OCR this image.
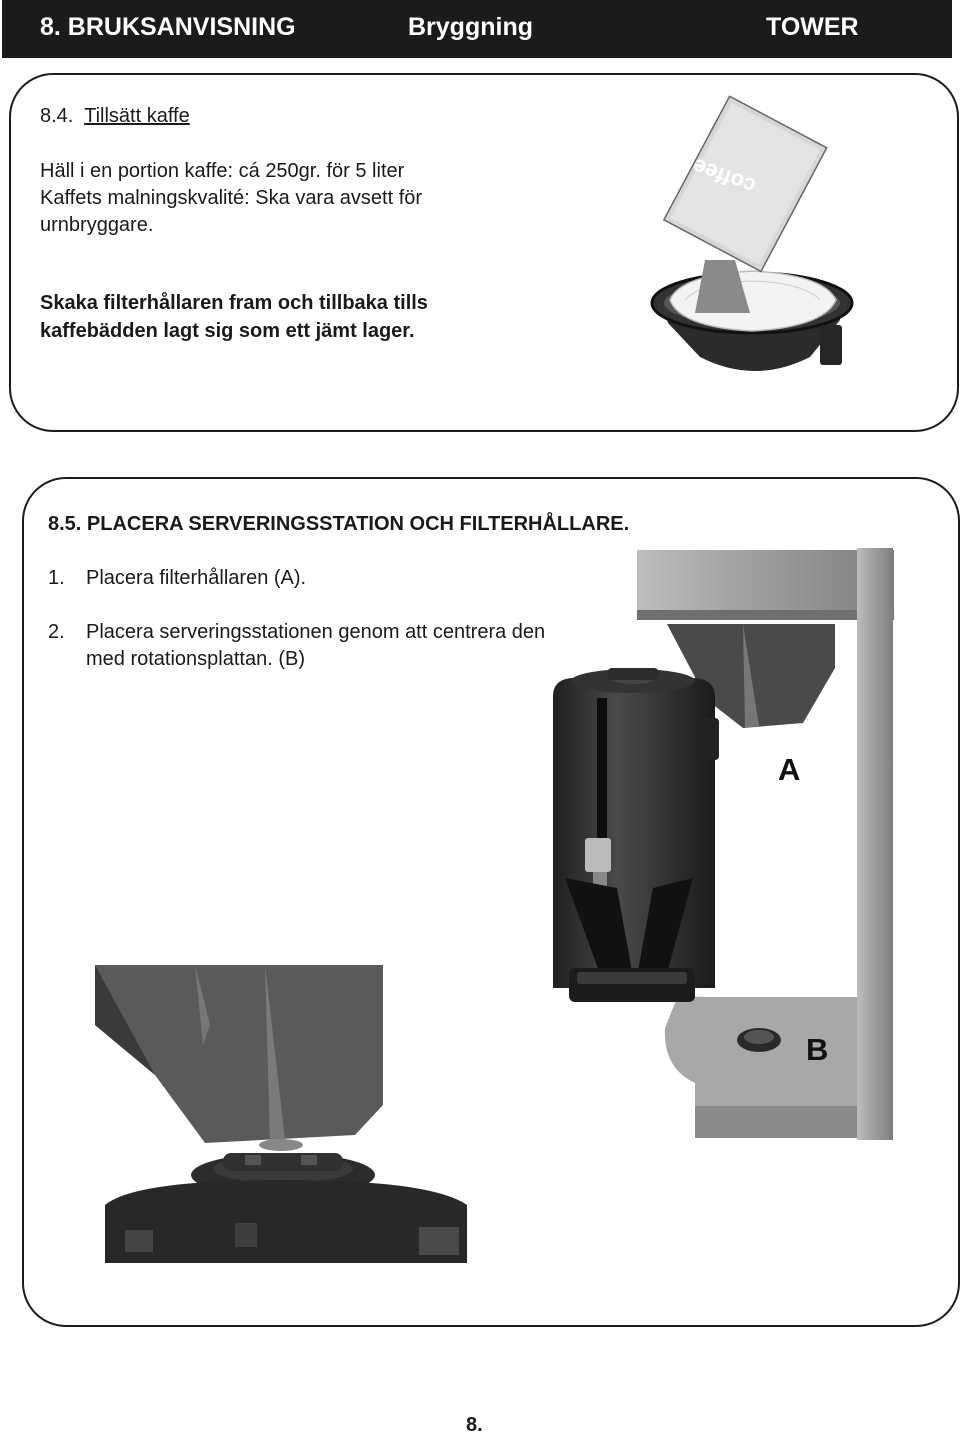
8. BRUKSANVISNING	Bryggning	TOWER
8.4. Tillsätt kaffe
Häll i en portion kaffe: cá 250gr. för 5 liter
Kaffets malningskvalité: Ska vara avsett för
urnbryggare.
Skaka filterhållaren fram och tillbaka tills
kaffebädden lagt sig som ett jämt lager.
coffee
8.5. PLACERA SERVERINGSSTATION OCH FILTERHÅLLARE.
1. Placera filterhållaren (A).
2. Placera serveringsstationen genom att centrera den
med rotationsplattan. (B)
A
B
8.
